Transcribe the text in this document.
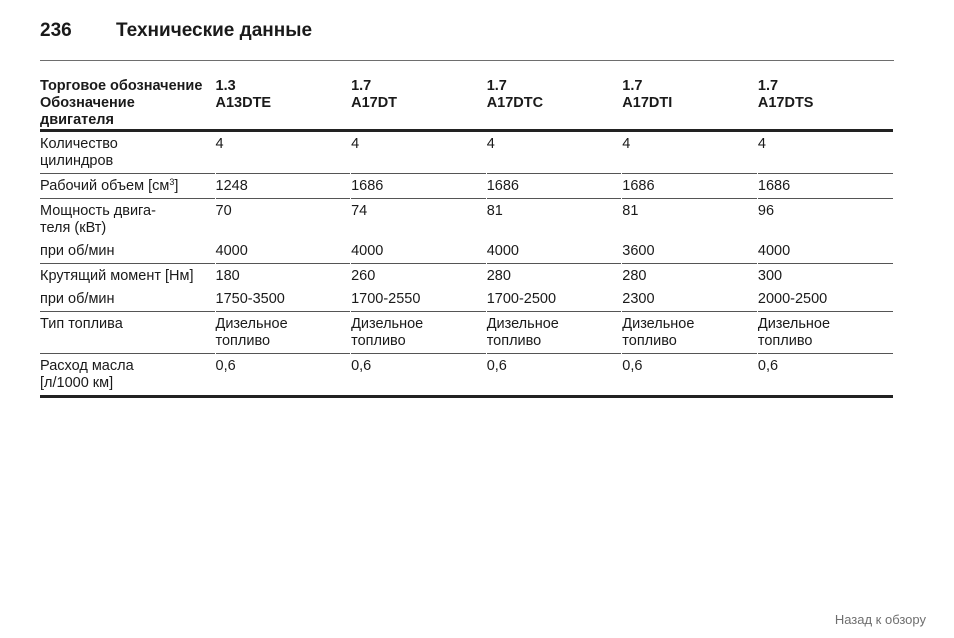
236 Технические данные
Торговое обозначение	1.3	1.7	1.7	1.7	1.7
Обозначение двигателя	A13DTE	A17DT	A17DTC	A17DTI	A17DTS
Количество цилиндров	4	4	4	4	4
Рабочий объем $[см^3]$	1248	1686	1686	1686	1686
Мощность двига-теля (кВт)	70	74	81	81	96
при об/мин	4000	4000	4000	3600	4000
Крутящий момент [Нм]	180	260	280	280	300
при об/мин	1750-3500	1700-2550	1700-2500	2300	2000-2500
Тип топлива	Дизельное топливо	Дизельное топливо	Дизельное топливо	Дизельное топливо	Дизельное топливо
Расход масла [л/1000 км]	0,6	0,6	0,6	0,6	0,6
Назад к обзору
